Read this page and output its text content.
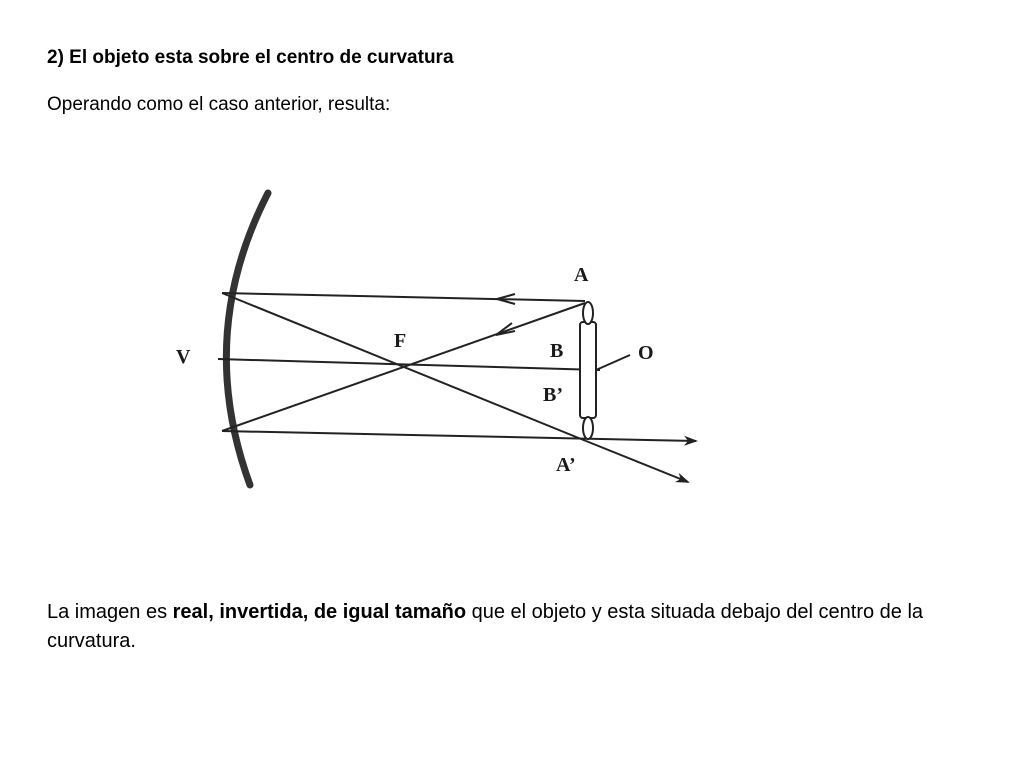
2) El objeto esta sobre el centro de curvatura
Operando como el caso anterior, resulta:
V
F
A
B
B’
A’
O
La imagen es real, invertida, de igual tamaño que el objeto y esta situada debajo del centro de la curvatura.
